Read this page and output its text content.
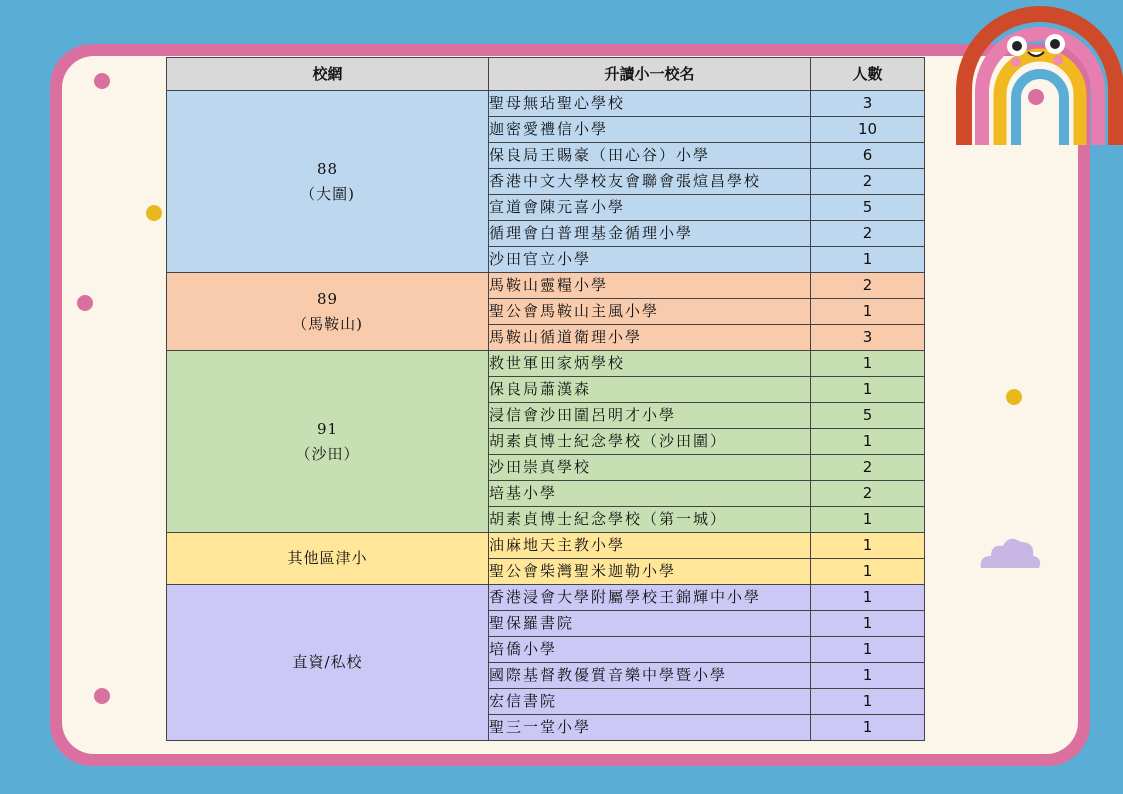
校網	升讀小一校名	人數

88
（大圍)	聖母無玷聖心學校	3
	迦密愛禮信小學	10
	保良局王賜豪（田心谷）小學	6
	香港中文大學校友會聯會張煊昌學校	2
	宣道會陳元喜小學	5
	循理會白普理基金循理小學	2
	沙田官立小學	1

89
（馬鞍山)	馬鞍山靈糧小學	2
	聖公會馬鞍山主風小學	1
	馬鞍山循道衛理小學	3

91
（沙田）	救世軍田家炳學校	1
	保良局蕭漢森	1
	浸信會沙田圍呂明才小學	5
	胡素貞博士紀念學校（沙田圍）	1
	沙田崇真學校	2
	培基小學	2
	胡素貞博士紀念學校（第一城）	1

其他區津小	油麻地天主教小學	1
	聖公會柴灣聖米迦勒小學	1

直資/私校	香港浸會大學附屬學校王錦輝中小學	1
	聖保羅書院	1
	培僑小學	1
	國際基督教優質音樂中學暨小學	1
	宏信書院	1
	聖三一堂小學	1
